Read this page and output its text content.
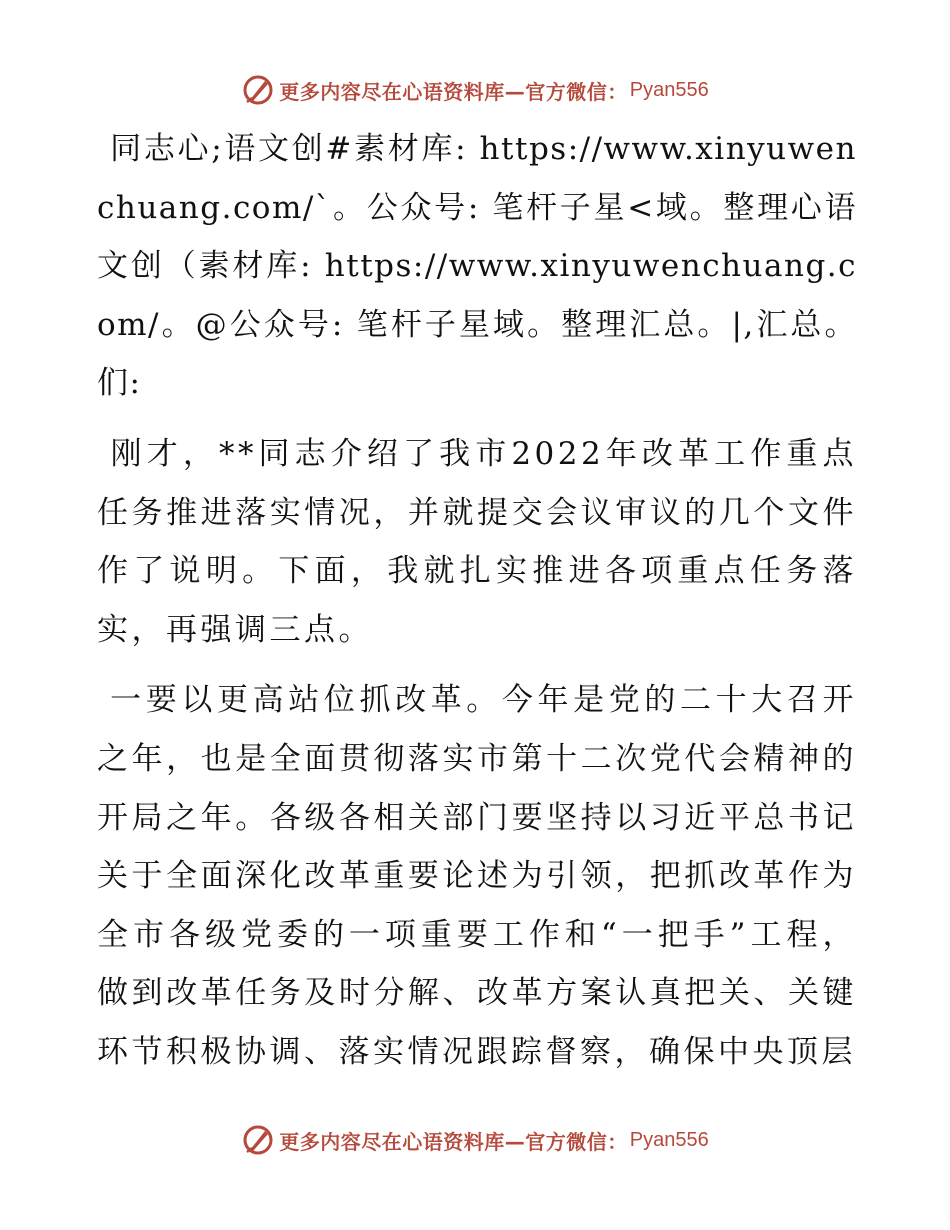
更多内容尽在心语资料库—官方微信： Pyan556

同志心;语文创#素材库: https://www.xinyuwenchuang.com/`。公众号: 笔杆子星<域。整理心语文创（素材库: https://www.xinyuwenchuang.com/。@公众号: 笔杆子星域。整理汇总。|,汇总。们:

刚才，**同志介绍了我市2022年改革工作重点任务推进落实情况，并就提交会议审议的几个文件作了说明。下面，我就扎实推进各项重点任务落实，再强调三点。

一要以更高站位抓改革。今年是党的二十大召开之年，也是全面贯彻落实市第十二次党代会精神的开局之年。各级各相关部门要坚持以习近平总书记关于全面深化改革重要论述为引领，把抓改革作为全市各级党委的一项重要工作和“一把手”工程，做到改革任务及时分解、改革方案认真把关、关键环节积极协调、落实情况跟踪督察，确保中央顶层

更多内容尽在心语资料库—官方微信： Pyan556
